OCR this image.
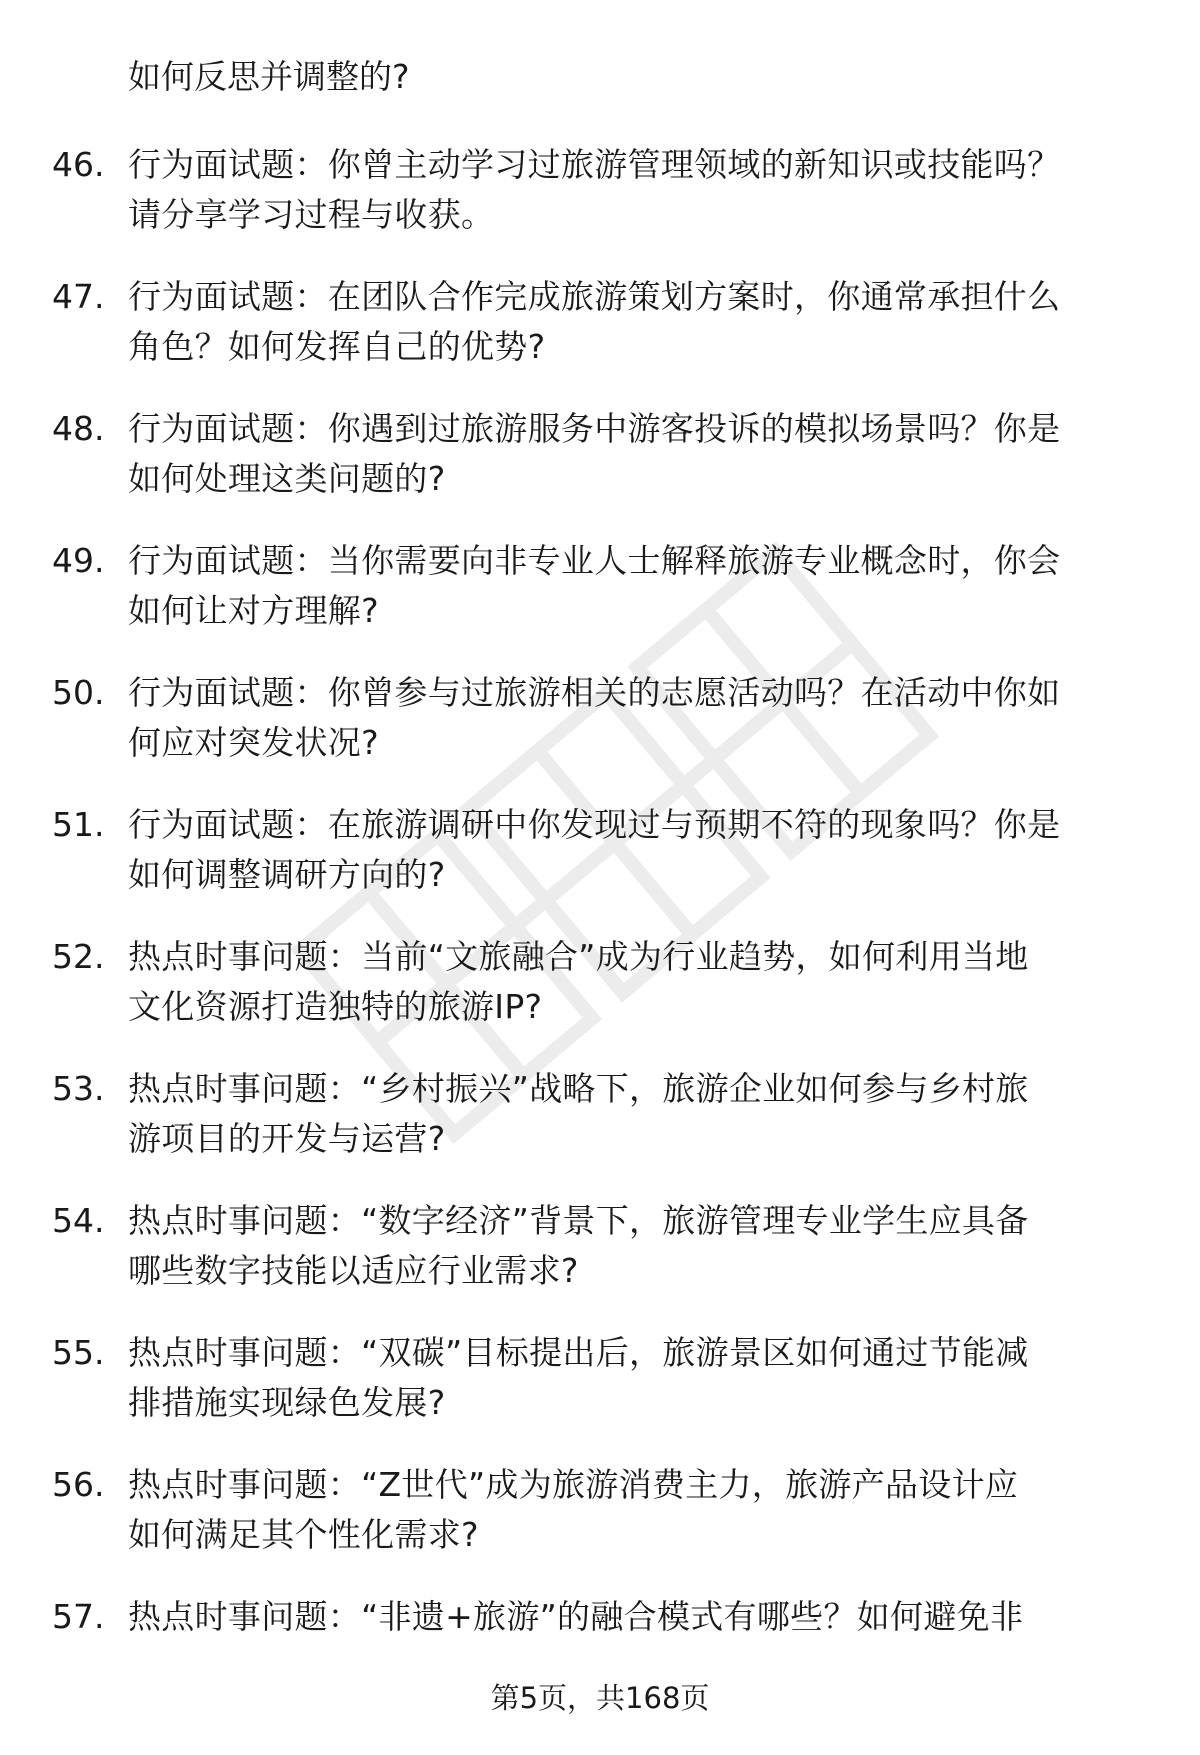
如何反思并调整的?
46. 行为面试题：你曾主动学习过旅游管理领域的新知识或技能吗？
请分享学习过程与收获。
47. 行为面试题：在团队合作完成旅游策划方案时，你通常承担什么
角色？如何发挥自己的优势?
48. 行为面试题：你遇到过旅游服务中游客投诉的模拟场景吗？你是
如何处理这类问题的?
49. 行为面试题：当你需要向非专业人士解释旅游专业概念时，你会
如何让对方理解?
50. 行为面试题：你曾参与过旅游相关的志愿活动吗？在活动中你如
何应对突发状况?
51. 行为面试题：在旅游调研中你发现过与预期不符的现象吗？你是
如何调整调研方向的?
52. 热点时事问题：当前“文旅融合”成为行业趋势，如何利用当地
文化资源打造独特的旅游IP?
53. 热点时事问题：“乡村振兴”战略下，旅游企业如何参与乡村旅
游项目的开发与运营?
54. 热点时事问题：“数字经济”背景下，旅游管理专业学生应具备
哪些数字技能以适应行业需求?
55. 热点时事问题：“双碳”目标提出后，旅游景区如何通过节能减
排措施实现绿色发展?
56. 热点时事问题：“Z世代”成为旅游消费主力，旅游产品设计应
如何满足其个性化需求?
57. 热点时事问题：“非遗+旅游”的融合模式有哪些？如何避免非
第5页，共168页
